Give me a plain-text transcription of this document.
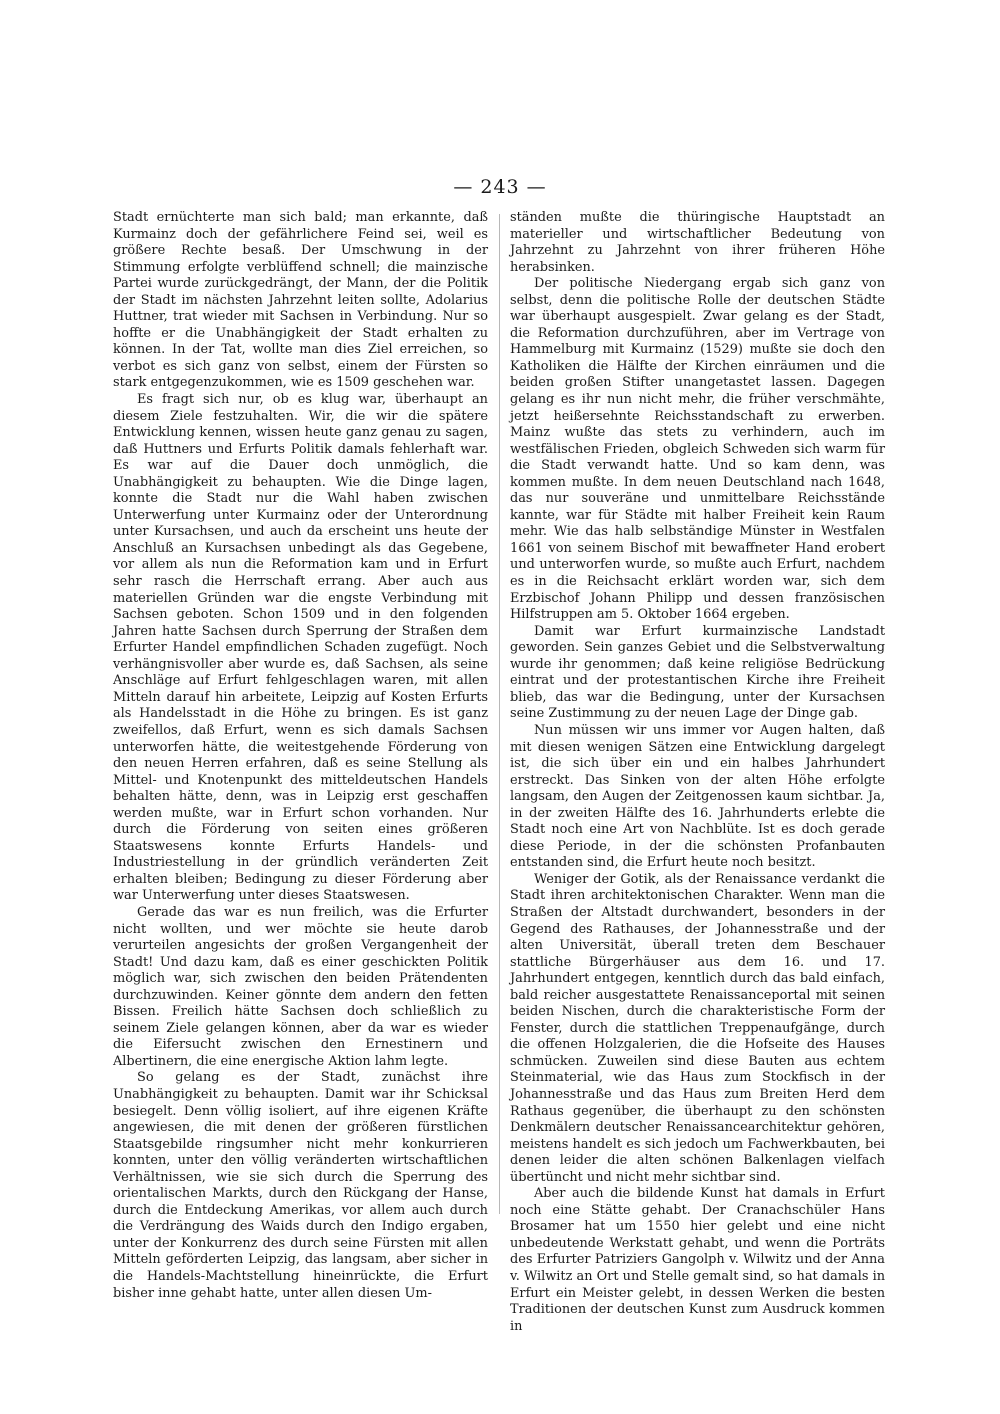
— 243 —

Stadt ernüchterte man sich bald; man erkannte, daß Kurmainz doch der gefährlichere Feind sei, weil es größere Rechte besaß. Der Umschwung in der Stimmung erfolgte verblüffend schnell; die mainzische Partei wurde zurückgedrängt, der Mann, der die Politik der Stadt im nächsten Jahrzehnt leiten sollte, Adolarius Huttner, trat wieder mit Sachsen in Verbindung. Nur so hoffte er die Unabhängigkeit der Stadt erhalten zu können. In der Tat, wollte man dies Ziel erreichen, so verbot es sich ganz von selbst, einem der Fürsten so stark entgegenzukommen, wie es 1509 geschehen war.

Es fragt sich nur, ob es klug war, überhaupt an diesem Ziele festzuhalten. Wir, die wir die spätere Entwicklung kennen, wissen heute ganz genau zu sagen, daß Huttners und Erfurts Politik damals fehlerhaft war. Es war auf die Dauer doch unmöglich, die Unabhängigkeit zu behaupten. Wie die Dinge lagen, konnte die Stadt nur die Wahl haben zwischen Unterwerfung unter Kurmainz oder der Unterordnung unter Kursachsen, und auch da erscheint uns heute der Anschluß an Kursachsen unbedingt als das Gegebene, vor allem als nun die Reformation kam und in Erfurt sehr rasch die Herrschaft errang. Aber auch aus materiellen Gründen war die engste Verbindung mit Sachsen geboten. Schon 1509 und in den folgenden Jahren hatte Sachsen durch Sperrung der Straßen dem Erfurter Handel empfindlichen Schaden zugefügt. Noch verhängnisvoller aber wurde es, daß Sachsen, als seine Anschläge auf Erfurt fehlgeschlagen waren, mit allen Mitteln darauf hin arbeitete, Leipzig auf Kosten Erfurts als Handelsstadt in die Höhe zu bringen. Es ist ganz zweifellos, daß Erfurt, wenn es sich damals Sachsen unterworfen hätte, die weitestgehende Förderung von den neuen Herren erfahren, daß es seine Stellung als Mittel- und Knotenpunkt des mitteldeutschen Handels behalten hätte, denn, was in Leipzig erst geschaffen werden mußte, war in Erfurt schon vorhanden. Nur durch die Förderung von seiten eines größeren Staatswesens konnte Erfurts Handels- und Industriestellung in der gründlich veränderten Zeit erhalten bleiben; Bedingung zu dieser Förderung aber war Unterwerfung unter dieses Staatswesen.

Gerade das war es nun freilich, was die Erfurter nicht wollten, und wer möchte sie heute darob verurteilen angesichts der großen Vergangenheit der Stadt! Und dazu kam, daß es einer geschickten Politik möglich war, sich zwischen den beiden Prätendenten durchzuwinden. Keiner gönnte dem andern den fetten Bissen. Freilich hätte Sachsen doch schließlich zu seinem Ziele gelangen können, aber da war es wieder die Eifersucht zwischen den Ernestinern und Albertinern, die eine energische Aktion lahm legte.

So gelang es der Stadt, zunächst ihre Unabhängigkeit zu behaupten. Damit war ihr Schicksal besiegelt. Denn völlig isoliert, auf ihre eigenen Kräfte angewiesen, die mit denen der größeren fürstlichen Staatsgebilde ringsumher nicht mehr konkurrieren konnten, unter den völlig veränderten wirtschaftlichen Verhältnissen, wie sie sich durch die Sperrung des orientalischen Markts, durch den Rückgang der Hanse, durch die Entdeckung Amerikas, vor allem auch durch die Verdrängung des Waids durch den Indigo ergaben, unter der Konkurrenz des durch seine Fürsten mit allen Mitteln geförderten Leipzig, das langsam, aber sicher in die Handels-Machtstellung hineinrückte, die Erfurt bisher inne gehabt hatte, unter allen diesen Um-

ständen mußte die thüringische Hauptstadt an materieller und wirtschaftlicher Bedeutung von Jahrzehnt zu Jahrzehnt von ihrer früheren Höhe herabsinken.

Der politische Niedergang ergab sich ganz von selbst, denn die politische Rolle der deutschen Städte war überhaupt ausgespielt. Zwar gelang es der Stadt, die Reformation durchzuführen, aber im Vertrage von Hammelburg mit Kurmainz (1529) mußte sie doch den Katholiken die Hälfte der Kirchen einräumen und die beiden großen Stifter unangetastet lassen. Dagegen gelang es ihr nun nicht mehr, die früher verschmähte, jetzt heißersehnte Reichsstandschaft zu erwerben. Mainz wußte das stets zu verhindern, auch im westfälischen Frieden, obgleich Schweden sich warm für die Stadt verwandt hatte. Und so kam denn, was kommen mußte. In dem neuen Deutschland nach 1648, das nur souveräne und unmittelbare Reichsstände kannte, war für Städte mit halber Freiheit kein Raum mehr. Wie das halb selbständige Münster in Westfalen 1661 von seinem Bischof mit bewaffneter Hand erobert und unterworfen wurde, so mußte auch Erfurt, nachdem es in die Reichsacht erklärt worden war, sich dem Erzbischof Johann Philipp und dessen französischen Hilfstruppen am 5. Oktober 1664 ergeben.

Damit war Erfurt kurmainzische Landstadt geworden. Sein ganzes Gebiet und die Selbstverwaltung wurde ihr genommen; daß keine religiöse Bedrückung eintrat und der protestantischen Kirche ihre Freiheit blieb, das war die Bedingung, unter der Kursachsen seine Zustimmung zu der neuen Lage der Dinge gab.

Nun müssen wir uns immer vor Augen halten, daß mit diesen wenigen Sätzen eine Entwicklung dargelegt ist, die sich über ein und ein halbes Jahrhundert erstreckt. Das Sinken von der alten Höhe erfolgte langsam, den Augen der Zeitgenossen kaum sichtbar. Ja, in der zweiten Hälfte des 16. Jahrhunderts erlebte die Stadt noch eine Art von Nachblüte. Ist es doch gerade diese Periode, in der die schönsten Profanbauten entstanden sind, die Erfurt heute noch besitzt.

Weniger der Gotik, als der Renaissance verdankt die Stadt ihren architektonischen Charakter. Wenn man die Straßen der Altstadt durchwandert, besonders in der Gegend des Rathauses, der Johannesstraße und der alten Universität, überall treten dem Beschauer stattliche Bürgerhäuser aus dem 16. und 17. Jahrhundert entgegen, kenntlich durch das bald einfach, bald reicher ausgestattete Renaissanceportal mit seinen beiden Nischen, durch die charakteristische Form der Fenster, durch die stattlichen Treppenaufgänge, durch die offenen Holzgalerien, die die Hofseite des Hauses schmücken. Zuweilen sind diese Bauten aus echtem Steinmaterial, wie das Haus zum Stockfisch in der Johannesstraße und das Haus zum Breiten Herd dem Rathaus gegenüber, die überhaupt zu den schönsten Denkmälern deutscher Renaissancearchitektur gehören, meistens handelt es sich jedoch um Fachwerkbauten, bei denen leider die alten schönen Balkenlagen vielfach übertüncht und nicht mehr sichtbar sind.

Aber auch die bildende Kunst hat damals in Erfurt noch eine Stätte gehabt. Der Cranachschüler Hans Brosamer hat um 1550 hier gelebt und eine nicht unbedeutende Werkstatt gehabt, und wenn die Porträts des Erfurter Patriziers Gangolph v. Wilwitz und der Anna v. Wilwitz an Ort und Stelle gemalt sind, so hat damals in Erfurt ein Meister gelebt, in dessen Werken die besten Traditionen der deutschen Kunst zum Ausdruck kommen in
